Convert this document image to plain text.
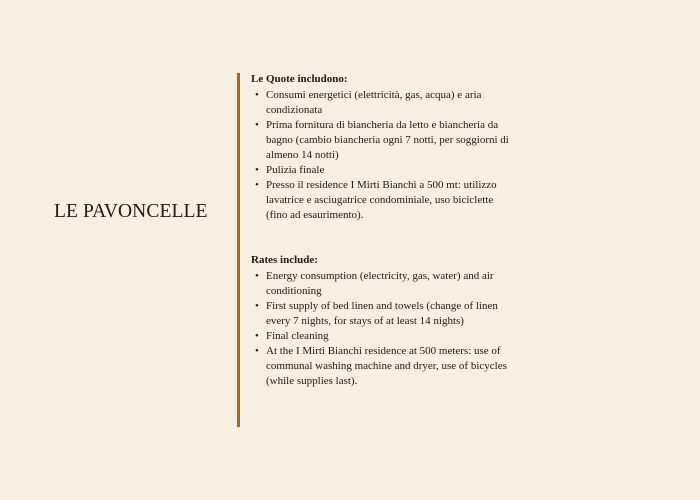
LE PAVONCELLE
Le Quote includono:
• Consumi energetici (elettricità, gas, acqua) e aria condizionata
• Prima fornitura di biancheria da letto e biancheria da bagno (cambio biancheria ogni 7 notti, per soggiorni di almeno 14 notti)
• Pulizia finale
• Presso il residence I Mirti Bianchi a 500 mt: utilizzo lavatrice e asciugatrice condominiale, uso biciclette (fino ad esaurimento).
Rates include:
• Energy consumption (electricity, gas, water) and air conditioning
• First supply of bed linen and towels (change of linen every 7 nights, for stays of at least 14 nights)
• Final cleaning
• At the I Mirti Bianchi residence at 500 meters: use of communal washing machine and dryer, use of bicycles (while supplies last).
